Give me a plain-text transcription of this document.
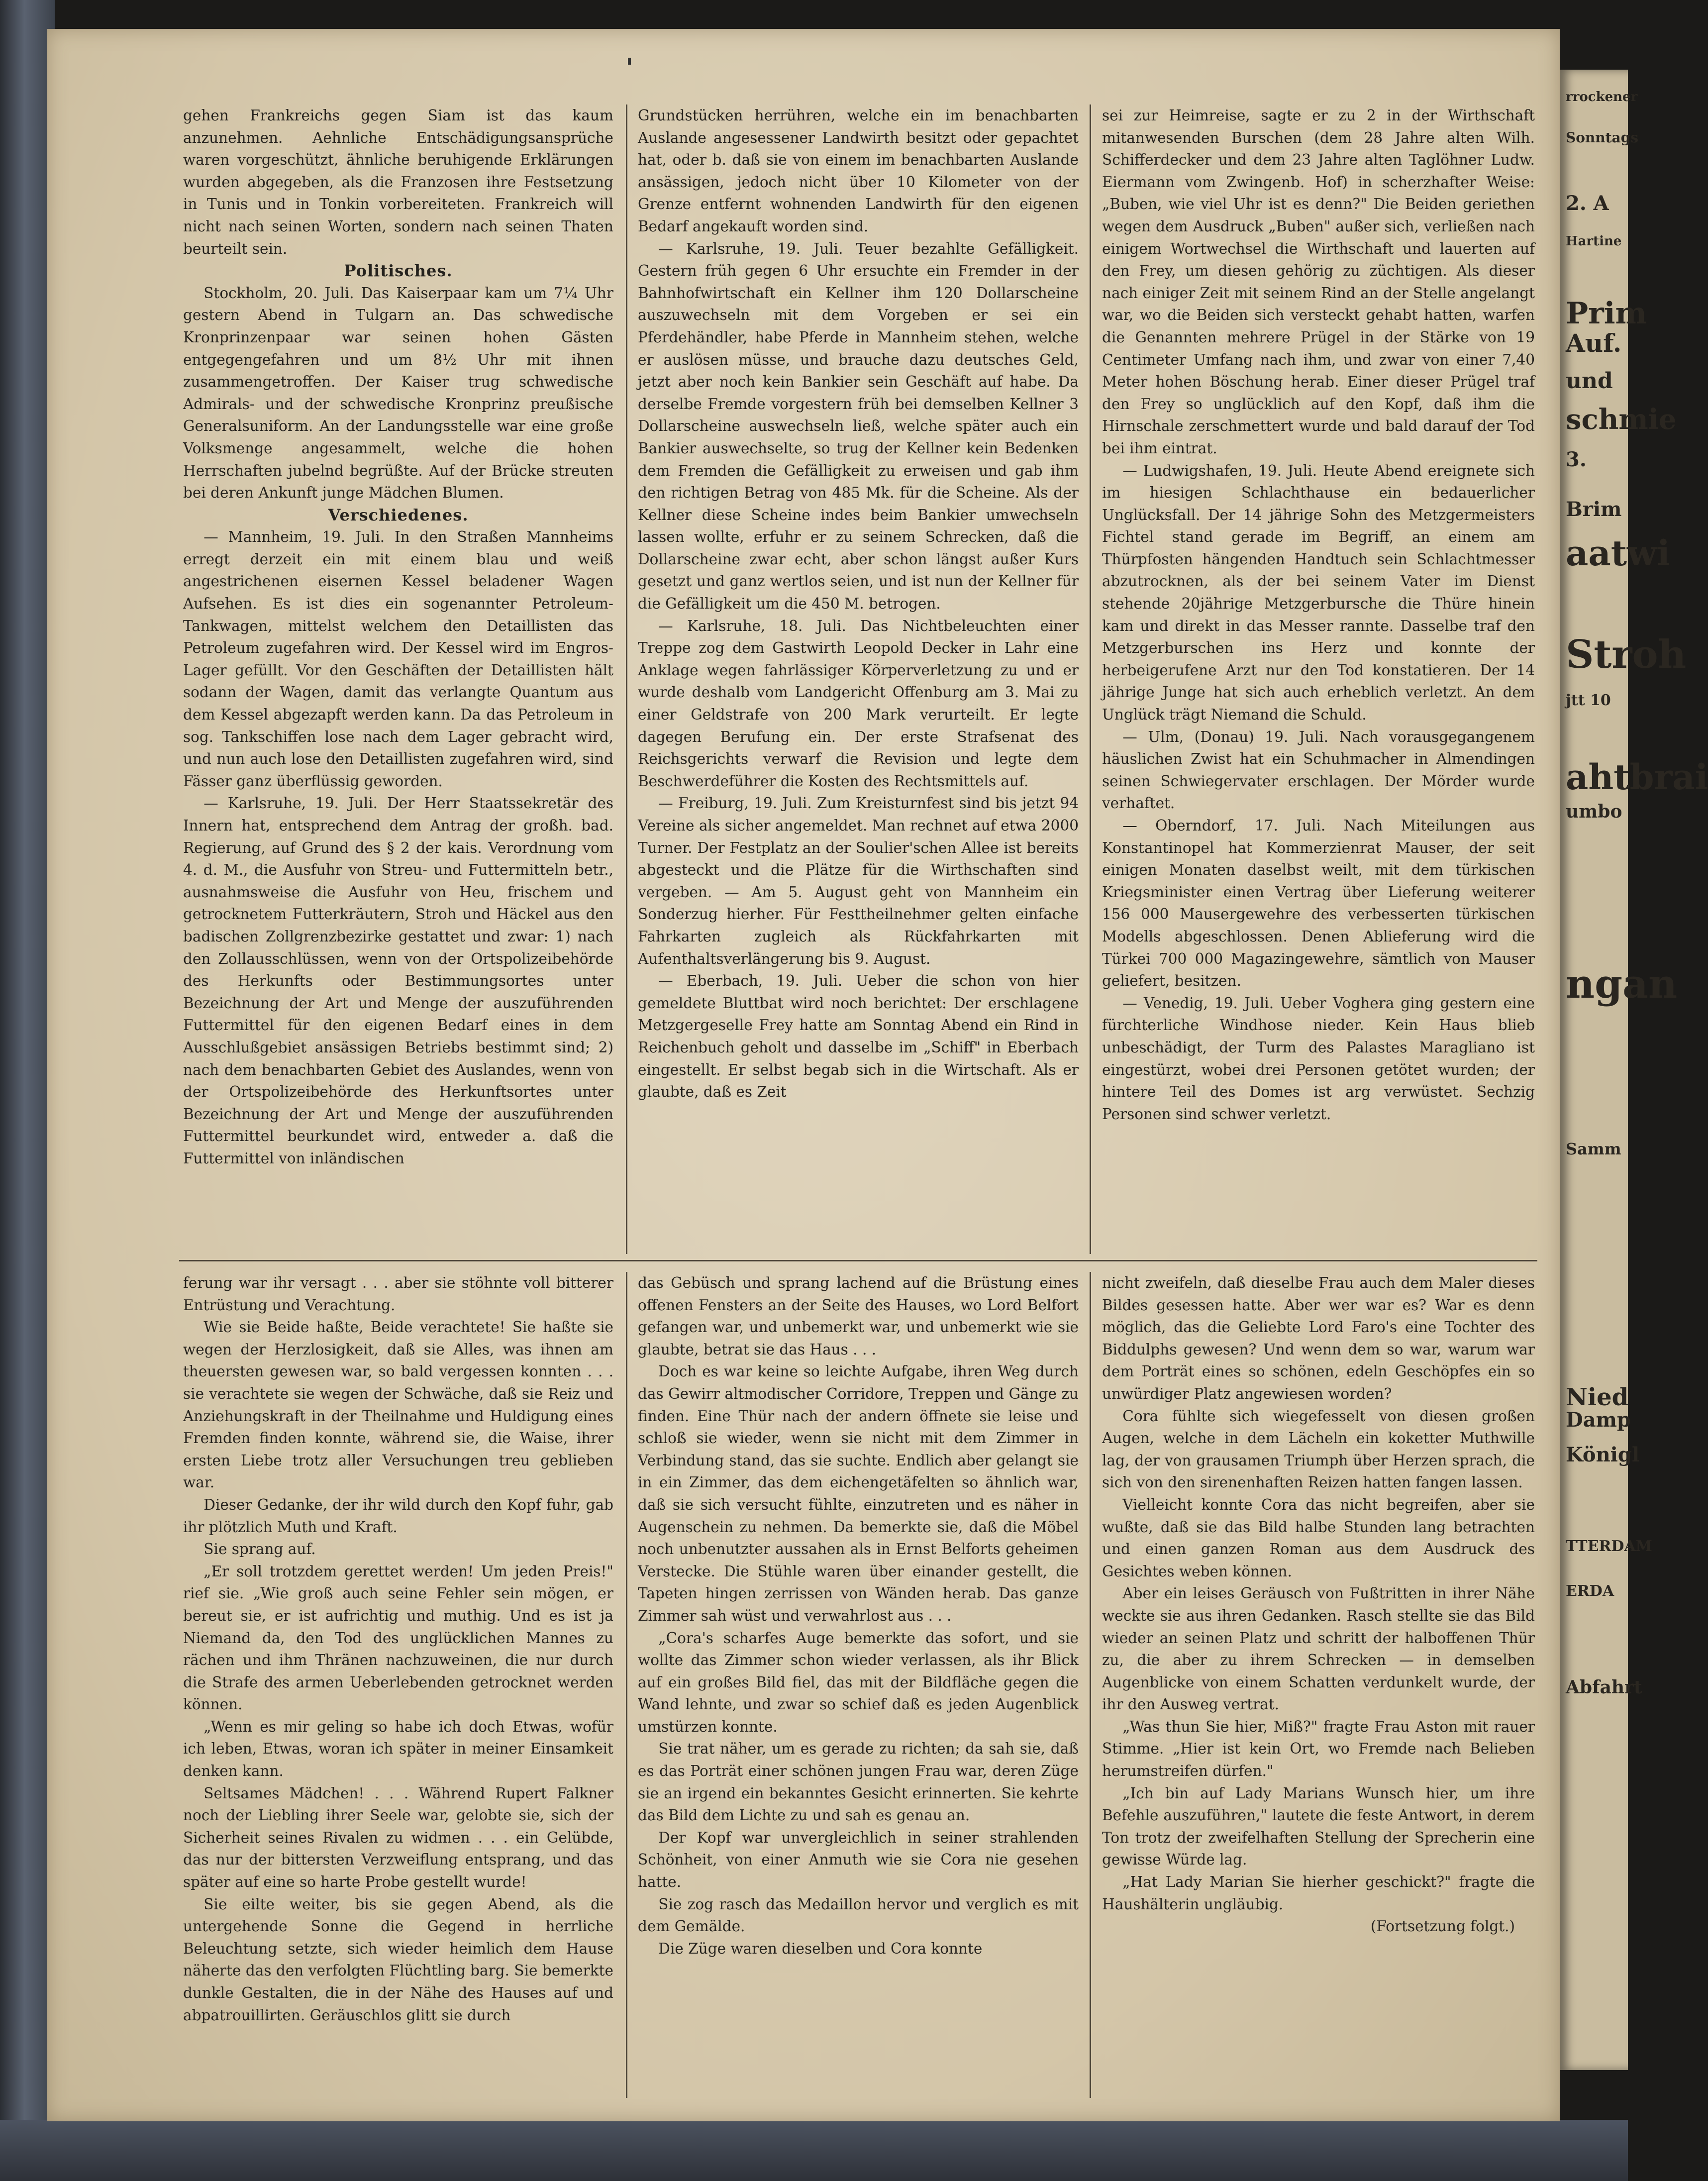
rrockener
Sonntags
2. A
Hartine
Prim
Auf.
und
schmie
3.
Brim
aatwi
Stroh
jtt 10
ahtbrai
umbo
ngan
Samm
Nied
Damp
Königl
TTERDAM
ERDA
Abfahrt

gehen Frankreichs gegen Siam ist das kaum anzunehmen. Aehnliche Entschädigungsansprüche waren vorgeschützt, ähnliche beruhigende Erklärungen wurden abgegeben, als die Franzosen ihre Festsetzung in Tunis und in Tonkin vorbereiteten. Frankreich will nicht nach seinen Worten, sondern nach seinen Thaten beurteilt sein.

Politisches.

Stockholm, 20. Juli. Das Kaiserpaar kam um 7¼ Uhr gestern Abend in Tulgarn an. Das schwedische Kronprinzenpaar war seinen hohen Gästen entgegengefahren und um 8½ Uhr mit ihnen zusammengetroffen. Der Kaiser trug schwedische Admirals- und der schwedische Kronprinz preußische Generalsuniform. An der Landungsstelle war eine große Volksmenge angesammelt, welche die hohen Herrschaften jubelnd begrüßte. Auf der Brücke streuten bei deren Ankunft junge Mädchen Blumen.

Verschiedenes.

— Mannheim, 19. Juli. In den Straßen Mannheims erregt derzeit ein mit einem blau und weiß angestrichenen eisernen Kessel beladener Wagen Aufsehen. Es ist dies ein sogenannter Petroleum-Tankwagen, mittelst welchem den Detaillisten das Petroleum zugefahren wird. Der Kessel wird im Engros-Lager gefüllt. Vor den Geschäften der Detaillisten hält sodann der Wagen, damit das verlangte Quantum aus dem Kessel abgezapft werden kann. Da das Petroleum in sog. Tankschiffen lose nach dem Lager gebracht wird, und nun auch lose den Detaillisten zugefahren wird, sind Fässer ganz überflüssig geworden.

— Karlsruhe, 19. Juli. Der Herr Staatssekretär des Innern hat, entsprechend dem Antrag der großh. bad. Regierung, auf Grund des § 2 der kais. Verordnung vom 4. d. M., die Ausfuhr von Streu- und Futtermitteln betr., ausnahmsweise die Ausfuhr von Heu, frischem und getrocknetem Futterkräutern, Stroh und Häckel aus den badischen Zollgrenzbezirke gestattet und zwar: 1) nach den Zollausschlüssen, wenn von der Ortspolizeibehörde des Herkunfts oder Bestimmungsortes unter Bezeichnung der Art und Menge der auszuführenden Futtermittel für den eigenen Bedarf eines in dem Ausschlußgebiet ansässigen Betriebs bestimmt sind; 2) nach dem benachbarten Gebiet des Auslandes, wenn von der Ortspolizeibehörde des Herkunftsortes unter Bezeichnung der Art und Menge der auszuführenden Futtermittel beurkundet wird, entweder a. daß die Futtermittel von inländischen

Grundstücken herrühren, welche ein im benachbarten Auslande angesessener Landwirth besitzt oder gepachtet hat, oder b. daß sie von einem im benachbarten Auslande ansässigen, jedoch nicht über 10 Kilometer von der Grenze entfernt wohnenden Landwirth für den eigenen Bedarf angekauft worden sind.

— Karlsruhe, 19. Juli. Teuer bezahlte Gefälligkeit. Gestern früh gegen 6 Uhr ersuchte ein Fremder in der Bahnhofwirtschaft ein Kellner ihm 120 Dollarscheine auszuwechseln mit dem Vorgeben er sei ein Pferdehändler, habe Pferde in Mannheim stehen, welche er auslösen müsse, und brauche dazu deutsches Geld, jetzt aber noch kein Bankier sein Geschäft auf habe. Da derselbe Fremde vorgestern früh bei demselben Kellner 3 Dollarscheine auswechseln ließ, welche später auch ein Bankier auswechselte, so trug der Kellner kein Bedenken dem Fremden die Gefälligkeit zu erweisen und gab ihm den richtigen Betrag von 485 Mk. für die Scheine. Als der Kellner diese Scheine indes beim Bankier umwechseln lassen wollte, erfuhr er zu seinem Schrecken, daß die Dollarscheine zwar echt, aber schon längst außer Kurs gesetzt und ganz wertlos seien, und ist nun der Kellner für die Gefälligkeit um die 450 M. betrogen.

— Karlsruhe, 18. Juli. Das Nichtbeleuchten einer Treppe zog dem Gastwirth Leopold Decker in Lahr eine Anklage wegen fahrlässiger Körperverletzung zu und er wurde deshalb vom Landgericht Offenburg am 3. Mai zu einer Geldstrafe von 200 Mark verurteilt. Er legte dagegen Berufung ein. Der erste Strafsenat des Reichsgerichts verwarf die Revision und legte dem Beschwerdeführer die Kosten des Rechtsmittels auf.

— Freiburg, 19. Juli. Zum Kreisturnfest sind bis jetzt 94 Vereine als sicher angemeldet. Man rechnet auf etwa 2000 Turner. Der Festplatz an der Soulier'schen Allee ist bereits abgesteckt und die Plätze für die Wirthschaften sind vergeben. — Am 5. August geht von Mannheim ein Sonderzug hierher. Für Festtheilnehmer gelten einfache Fahrkarten zugleich als Rückfahrkarten mit Aufenthaltsverlängerung bis 9. August.

— Eberbach, 19. Juli. Ueber die schon von hier gemeldete Bluttbat wird noch berichtet: Der erschlagene Metzgergeselle Frey hatte am Sonntag Abend ein Rind in Reichenbuch geholt und dasselbe im „Schiff" in Eberbach eingestellt. Er selbst begab sich in die Wirtschaft. Als er glaubte, daß es Zeit

sei zur Heimreise, sagte er zu 2 in der Wirthschaft mitanwesenden Burschen (dem 28 Jahre alten Wilh. Schifferdecker und dem 23 Jahre alten Taglöhner Ludw. Eiermann vom Zwingenb. Hof) in scherzhafter Weise: „Buben, wie viel Uhr ist es denn?" Die Beiden geriethen wegen dem Ausdruck „Buben" außer sich, verließen nach einigem Wortwechsel die Wirthschaft und lauerten auf den Frey, um diesen gehörig zu züchtigen. Als dieser nach einiger Zeit mit seinem Rind an der Stelle angelangt war, wo die Beiden sich versteckt gehabt hatten, warfen die Genannten mehrere Prügel in der Stärke von 19 Centimeter Umfang nach ihm, und zwar von einer 7,40 Meter hohen Böschung herab. Einer dieser Prügel traf den Frey so unglücklich auf den Kopf, daß ihm die Hirnschale zerschmettert wurde und bald darauf der Tod bei ihm eintrat.

— Ludwigshafen, 19. Juli. Heute Abend ereignete sich im hiesigen Schlachthause ein bedauerlicher Unglücksfall. Der 14 jährige Sohn des Metzgermeisters Fichtel stand gerade im Begriff, an einem am Thürpfosten hängenden Handtuch sein Schlachtmesser abzutrocknen, als der bei seinem Vater im Dienst stehende 20jährige Metzgerbursche die Thüre hinein kam und direkt in das Messer rannte. Dasselbe traf den Metzgerburschen ins Herz und konnte der herbeigerufene Arzt nur den Tod konstatieren. Der 14 jährige Junge hat sich auch erheblich verletzt. An dem Unglück trägt Niemand die Schuld.

— Ulm, (Donau) 19. Juli. Nach vorausgegangenem häuslichen Zwist hat ein Schuhmacher in Almendingen seinen Schwiegervater erschlagen. Der Mörder wurde verhaftet.

— Oberndorf, 17. Juli. Nach Miteilungen aus Konstantinopel hat Kommerzienrat Mauser, der seit einigen Monaten daselbst weilt, mit dem türkischen Kriegsminister einen Vertrag über Lieferung weiterer 156 000 Mausergewehre des verbesserten türkischen Modells abgeschlossen. Denen Ablieferung wird die Türkei 700 000 Magazingewehre, sämtlich von Mauser geliefert, besitzen.

— Venedig, 19. Juli. Ueber Voghera ging gestern eine fürchterliche Windhose nieder. Kein Haus blieb unbeschädigt, der Turm des Palastes Maragliano ist eingestürzt, wobei drei Personen getötet wurden; der hintere Teil des Domes ist arg verwüstet. Sechzig Personen sind schwer verletzt.

ferung war ihr versagt . . . aber sie stöhnte voll bitterer Entrüstung und Verachtung.

Wie sie Beide haßte, Beide verachtete! Sie haßte sie wegen der Herzlosigkeit, daß sie Alles, was ihnen am theuersten gewesen war, so bald vergessen konnten . . . sie verachtete sie wegen der Schwäche, daß sie Reiz und Anziehungskraft in der Theilnahme und Huldigung eines Fremden finden konnte, während sie, die Waise, ihrer ersten Liebe trotz aller Versuchungen treu geblieben war.

Dieser Gedanke, der ihr wild durch den Kopf fuhr, gab ihr plötzlich Muth und Kraft.

Sie sprang auf.

„Er soll trotzdem gerettet werden! Um jeden Preis!" rief sie. „Wie groß auch seine Fehler sein mögen, er bereut sie, er ist aufrichtig und muthig. Und es ist ja Niemand da, den Tod des unglücklichen Mannes zu rächen und ihm Thränen nachzuweinen, die nur durch die Strafe des armen Ueberlebenden getrocknet werden können.

„Wenn es mir geling so habe ich doch Etwas, wofür ich leben, Etwas, woran ich später in meiner Einsamkeit denken kann.

Seltsames Mädchen! . . . Während Rupert Falkner noch der Liebling ihrer Seele war, gelobte sie, sich der Sicherheit seines Rivalen zu widmen . . . ein Gelübde, das nur der bittersten Verzweiflung entsprang, und das später auf eine so harte Probe gestellt wurde!

Sie eilte weiter, bis sie gegen Abend, als die untergehende Sonne die Gegend in herrliche Beleuchtung setzte, sich wieder heimlich dem Hause näherte das den verfolgten Flüchtling barg. Sie bemerkte dunkle Gestalten, die in der Nähe des Hauses auf und abpatrouillirten. Geräuschlos glitt sie durch

das Gebüsch und sprang lachend auf die Brüstung eines offenen Fensters an der Seite des Hauses, wo Lord Belfort gefangen war, und unbemerkt war, und unbemerkt wie sie glaubte, betrat sie das Haus . . .

Doch es war keine so leichte Aufgabe, ihren Weg durch das Gewirr altmodischer Corridore, Treppen und Gänge zu finden. Eine Thür nach der andern öffnete sie leise und schloß sie wieder, wenn sie nicht mit dem Zimmer in Verbindung stand, das sie suchte. Endlich aber gelangt sie in ein Zimmer, das dem eichengetäfelten so ähnlich war, daß sie sich versucht fühlte, einzutreten und es näher in Augenschein zu nehmen. Da bemerkte sie, daß die Möbel noch unbenutzter aussahen als in Ernst Belforts geheimen Verstecke. Die Stühle waren über einander gestellt, die Tapeten hingen zerrissen von Wänden herab. Das ganze Zimmer sah wüst und verwahrlost aus . . .

„Cora's scharfes Auge bemerkte das sofort, und sie wollte das Zimmer schon wieder verlassen, als ihr Blick auf ein großes Bild fiel, das mit der Bildfläche gegen die Wand lehnte, und zwar so schief daß es jeden Augenblick umstürzen konnte.

Sie trat näher, um es gerade zu richten; da sah sie, daß es das Porträt einer schönen jungen Frau war, deren Züge sie an irgend ein bekanntes Gesicht erinnerten. Sie kehrte das Bild dem Lichte zu und sah es genau an.

Der Kopf war unvergleichlich in seiner strahlenden Schönheit, von einer Anmuth wie sie Cora nie gesehen hatte.

Sie zog rasch das Medaillon hervor und verglich es mit dem Gemälde.

Die Züge waren dieselben und Cora konnte

nicht zweifeln, daß dieselbe Frau auch dem Maler dieses Bildes gesessen hatte. Aber wer war es? War es denn möglich, das die Geliebte Lord Faro's eine Tochter des Biddulphs gewesen? Und wenn dem so war, warum war dem Porträt eines so schönen, edeln Geschöpfes ein so unwürdiger Platz angewiesen worden?

Cora fühlte sich wiegefesselt von diesen großen Augen, welche in dem Lächeln ein koketter Muthwille lag, der von grausamen Triumph über Herzen sprach, die sich von den sirenenhaften Reizen hatten fangen lassen.

Vielleicht konnte Cora das nicht begreifen, aber sie wußte, daß sie das Bild halbe Stunden lang betrachten und einen ganzen Roman aus dem Ausdruck des Gesichtes weben können.

Aber ein leises Geräusch von Fußtritten in ihrer Nähe weckte sie aus ihren Gedanken. Rasch stellte sie das Bild wieder an seinen Platz und schritt der halboffenen Thür zu, die aber zu ihrem Schrecken — in demselben Augenblicke von einem Schatten verdunkelt wurde, der ihr den Ausweg vertrat.

„Was thun Sie hier, Miß?" fragte Frau Aston mit rauer Stimme. „Hier ist kein Ort, wo Fremde nach Belieben herumstreifen dürfen."

„Ich bin auf Lady Marians Wunsch hier, um ihre Befehle auszuführen," lautete die feste Antwort, in derem Ton trotz der zweifelhaften Stellung der Sprecherin eine gewisse Würde lag.

„Hat Lady Marian Sie hierher geschickt?" fragte die Haushälterin ungläubig.

(Fortsetzung folgt.)
